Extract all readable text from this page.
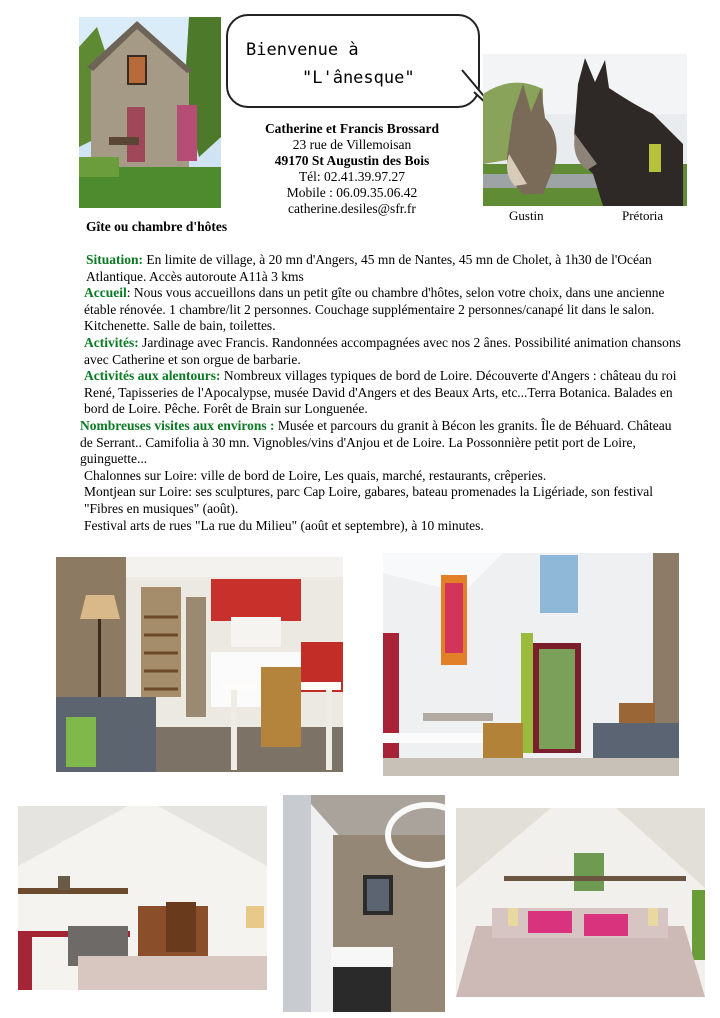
Bienvenue à
"L'ânesque"
Catherine et Francis Brossard
23 rue de Villemoisan
49170 St Augustin des Bois
Tél: 02.41.39.97.27
Mobile : 06.09.35.06.42
catherine.desiles@sfr.fr	Gustin	Prétoria
Gîte ou chambre d'hôtes

Situation: En limite de village, à 20 mn d'Angers, 45 mn de Nantes, 45 mn de Cholet, à 1h30 de l'Océan Atlantique. Accès autoroute A11à 3 kms

Accueil: Nous vous accueillons dans un petit gîte ou chambre d'hôtes, selon votre choix, dans une ancienne étable rénovée. 1 chambre/lit 2 personnes. Couchage supplémentaire 2 personnes/canapé lit dans le salon. Kitchenette. Salle de bain, toilettes.

Activités: Jardinage avec Francis. Randonnées accompagnées avec nos 2 ânes. Possibilité animation chansons avec Catherine et son orgue de barbarie.

Activités aux alentours: Nombreux villages typiques de bord de Loire. Découverte d'Angers : château du roi René, Tapisseries de l'Apocalypse, musée David d'Angers et des Beaux Arts, etc...Terra Botanica. Balades en bord de Loire. Pêche. Forêt de Brain sur Longuenée.

Nombreuses visites aux environs : Musée et parcours du granit à Bécon les granits. Île de Béhuard. Château de Serrant.. Camifolia à 30 mn. Vignobles/vins d'Anjou et de Loire. La Possonnière petit port de Loire, guinguette...

Chalonnes sur Loire: ville de bord de Loire, Les quais, marché, restaurants, crêperies.

Montjean sur Loire: ses sculptures, parc Cap Loire, gabares, bateau promenades la Ligériade, son festival "Fibres en musiques" (août).

Festival arts de rues "La rue du Milieu" (août et septembre), à 10 minutes.
